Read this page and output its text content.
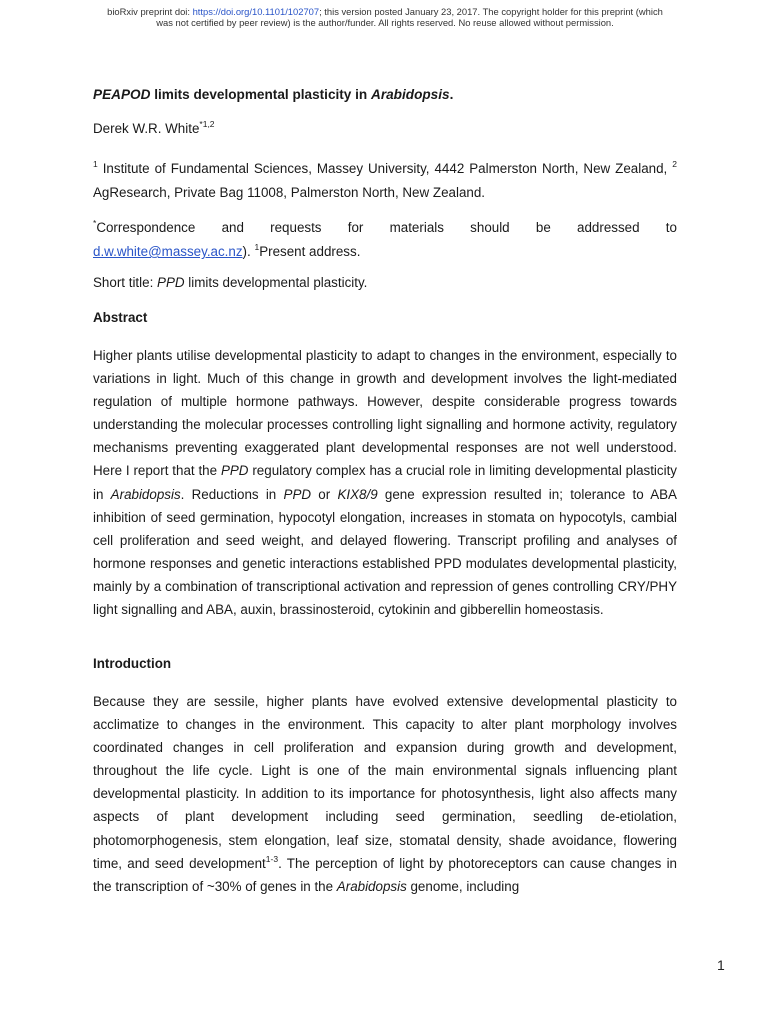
bioRxiv preprint doi: https://doi.org/10.1101/102707; this version posted January 23, 2017. The copyright holder for this preprint (which
was not certified by peer review) is the author/funder. All rights reserved. No reuse allowed without permission.
PEAPOD limits developmental plasticity in Arabidopsis.
Derek W.R. White$^{*1,2}$
$^1$ Institute of Fundamental Sciences, Massey University, 4442 Palmerston North, New Zealand, $^2$ AgResearch, Private Bag 11008, Palmerston North, New Zealand.
*Correspondence and requests for materials should be addressed to
d.w.white@massey.ac.nz). $^1$Present address.
Short title: PPD limits developmental plasticity.
Abstract
Higher plants utilise developmental plasticity to adapt to changes in the environment, especially to variations in light. Much of this change in growth and development involves the light-mediated regulation of multiple hormone pathways. However, despite considerable progress towards understanding the molecular processes controlling light signalling and hormone activity, regulatory mechanisms preventing exaggerated plant developmental responses are not well understood. Here I report that the PPD regulatory complex has a crucial role in limiting developmental plasticity in Arabidopsis. Reductions in PPD or KIX8/9 gene expression resulted in; tolerance to ABA inhibition of seed germination, hypocotyl elongation, increases in stomata on hypocotyls, cambial cell proliferation and seed weight, and delayed flowering. Transcript profiling and analyses of hormone responses and genetic interactions established PPD modulates developmental plasticity, mainly by a combination of transcriptional activation and repression of genes controlling CRY/PHY light signalling and ABA, auxin, brassinosteroid, cytokinin and gibberellin homeostasis.
Introduction
Because they are sessile, higher plants have evolved extensive developmental plasticity to acclimatize to changes in the environment. This capacity to alter plant morphology involves coordinated changes in cell proliferation and expansion during growth and development, throughout the life cycle. Light is one of the main environmental signals influencing plant developmental plasticity. In addition to its importance for photosynthesis, light also affects many aspects of plant development including seed germination, seedling de-etiolation, photomorphogenesis, stem elongation, leaf size, stomatal density, shade avoidance, flowering time, and seed development$^{1-3}$. The perception of light by photoreceptors can cause changes in the transcription of ~30% of genes in the Arabidopsis genome, including
1
